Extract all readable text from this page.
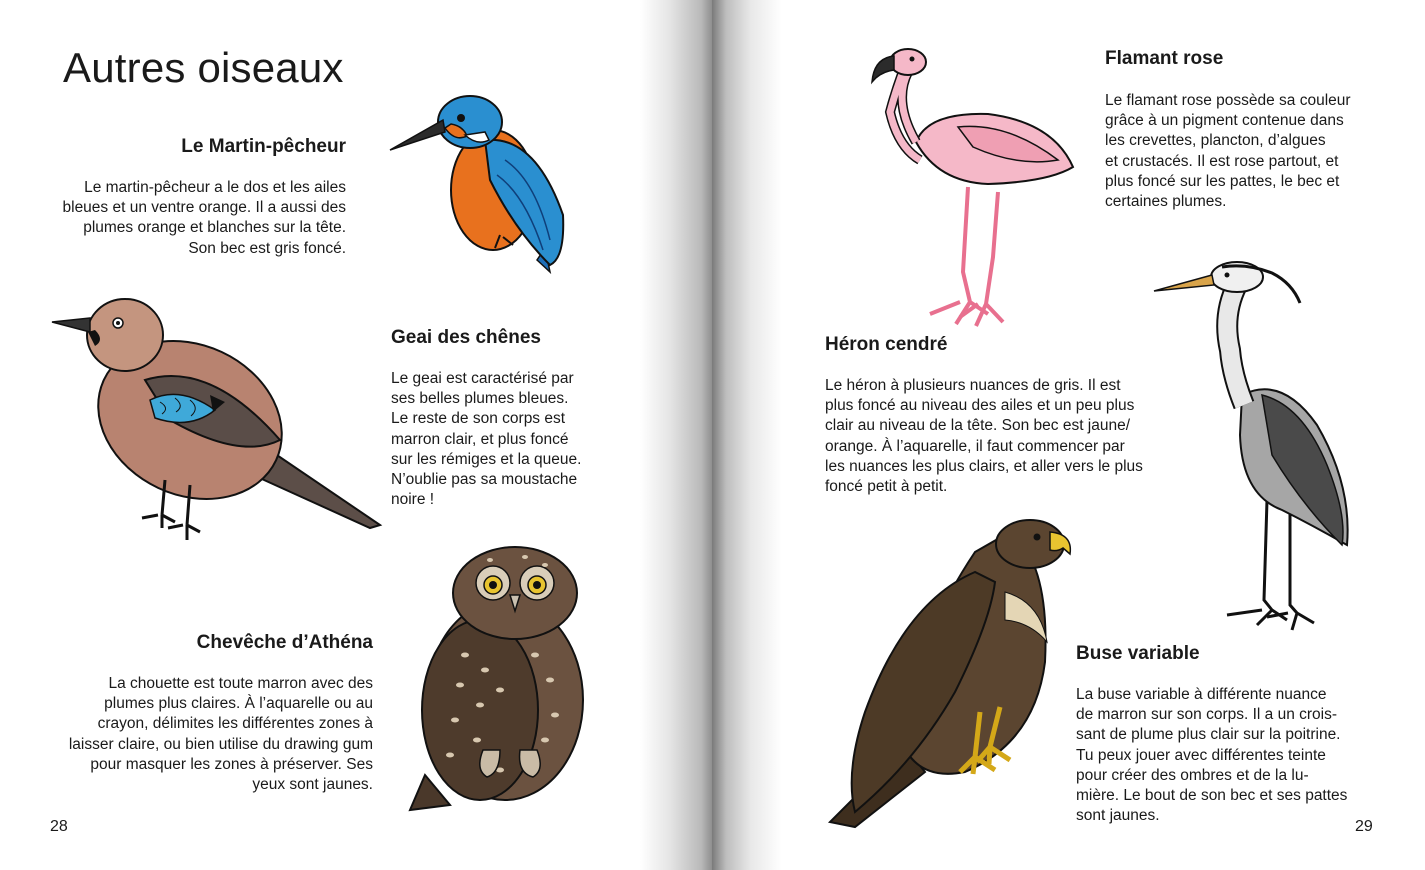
Autres oiseaux
Le Martin-pêcheur

Le martin-pêcheur a le dos et les ailes
bleues et un ventre orange. Il a aussi des
plumes orange et blanches sur la tête.
Son bec est gris foncé.

Geai des chênes

Le geai est caractérisé par
ses belles plumes bleues.
Le reste de son corps est
marron clair, et plus foncé
sur les rémiges et la queue.
N’oublie pas sa moustache
noire !

Chevêche d’Athéna

La chouette est toute marron avec des
plumes plus claires. À l’aquarelle ou au
crayon, délimites les différentes zones à
laisser claire, ou bien utilise du drawing gum
pour masquer les zones à préserver. Ses
yeux sont jaunes.

28
Flamant rose

Le flamant rose possède sa couleur
grâce à un pigment contenue dans
les crevettes, plancton, d’algues
et crustacés. Il est rose partout, et
plus foncé sur les pattes, le bec et
certaines plumes.

Héron cendré

Le héron à plusieurs nuances de gris. Il est
plus foncé au niveau des ailes et un peu plus
clair au niveau de la tête. Son bec est jaune/
orange. À l’aquarelle, il faut commencer par
les nuances les plus clairs, et aller vers le plus
foncé petit à petit.

Buse variable

La buse variable à différente nuance
de marron sur son corps. Il a un crois-
sant de plume plus clair sur la poitrine.
Tu peux jouer avec différentes teinte
pour créer des ombres et de la lu-
mière. Le bout de son bec et ses pattes
sont jaunes.

29
